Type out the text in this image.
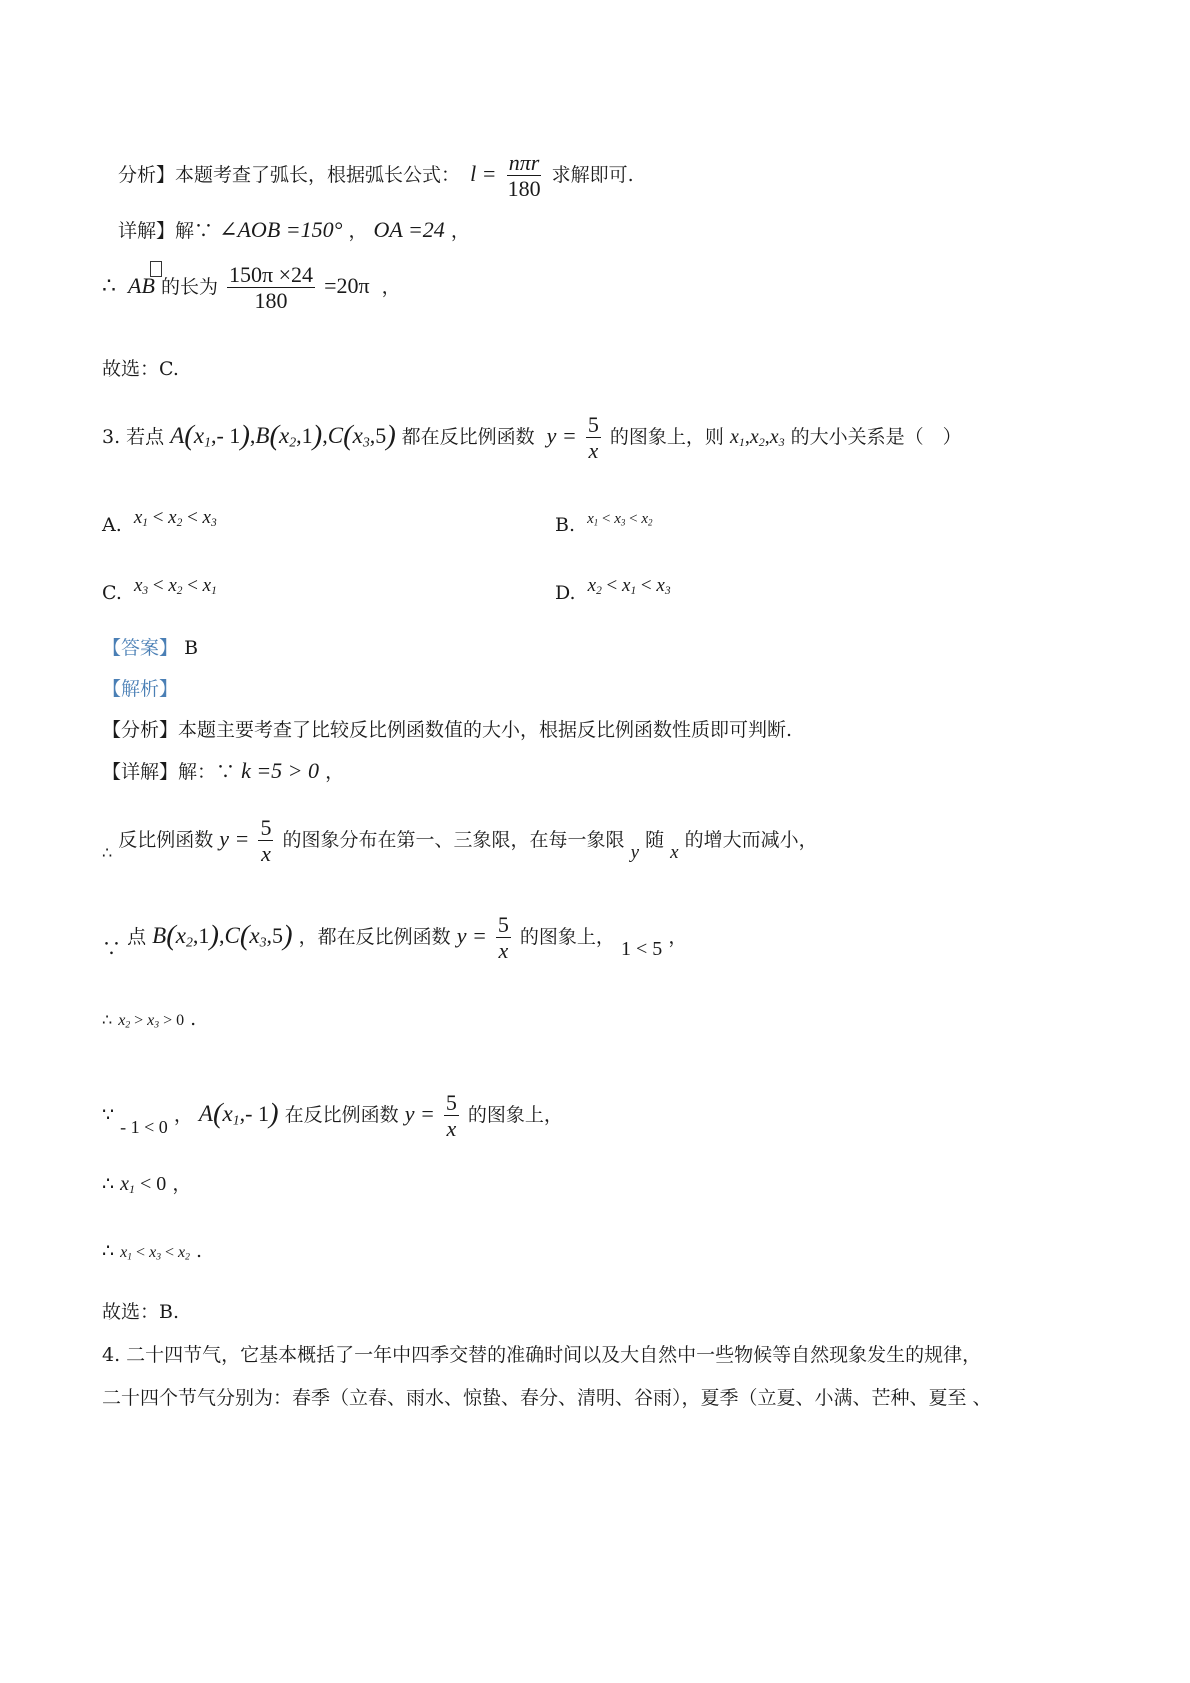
分析】本题考查了弧长，根据弧长公式： $l = \frac{\text{nπr}}{180}$ 求解即可.
详解】解∵ ∠AOB =150° ， OA =24 ，
∴ AB 的长为 $\frac{150\pi \times 24}{180} =20\pi$ ，
故选：C.
3. 若点 $A(x_1,-$ $1),B(x_2,1),C(x_3,5)$ 都在反比例函数 $y = \frac{5}{x}$ 的图象上，则 $x_1,x_2,x_3$ 的大小关系是（　）
A. $x_1 < x_2 < x_3$	B. $x_1 < x_3 < x_2$
C. $x_3 < x_2 < x_1$	D. $x_2 < x_1 < x_3$
【答案】 B
【解析】
【分析】本题主要考查了比较反比例函数值的大小，根据反比例函数性质即可判断.
【详解】解：∵ k =5 > 0 ，
$_\therefore$ 反比例函数 $y = \frac{5}{x}$ 的图象分布在第一、三象限，在每一象限 y 随 x 的增大而减小，
∵ 点 $B(x_2,1),C(x_3,5)$ ，都在反比例函数 $y = \frac{5}{x}$ 的图象上， 1 < 5 ，
∴ $x_2 > x_3 > 0$ .
∵ - 1 < 0 ， $A(x_1,-$ 1) 在反比例函数 $y = \frac{5}{x}$ 的图象上，
∴ $x_1 < 0$ ，
∴ $x_1 < x_3 < x_2$ .
故选：B.
4. 二十四节气，它基本概括了一年中四季交替的准确时间以及大自然中一些物候等自然现象发生的规律，
二十四个节气分别为：春季（立春、雨水、惊蛰、春分、清明、谷雨），夏季（立夏、小满、芒种、夏至 、
